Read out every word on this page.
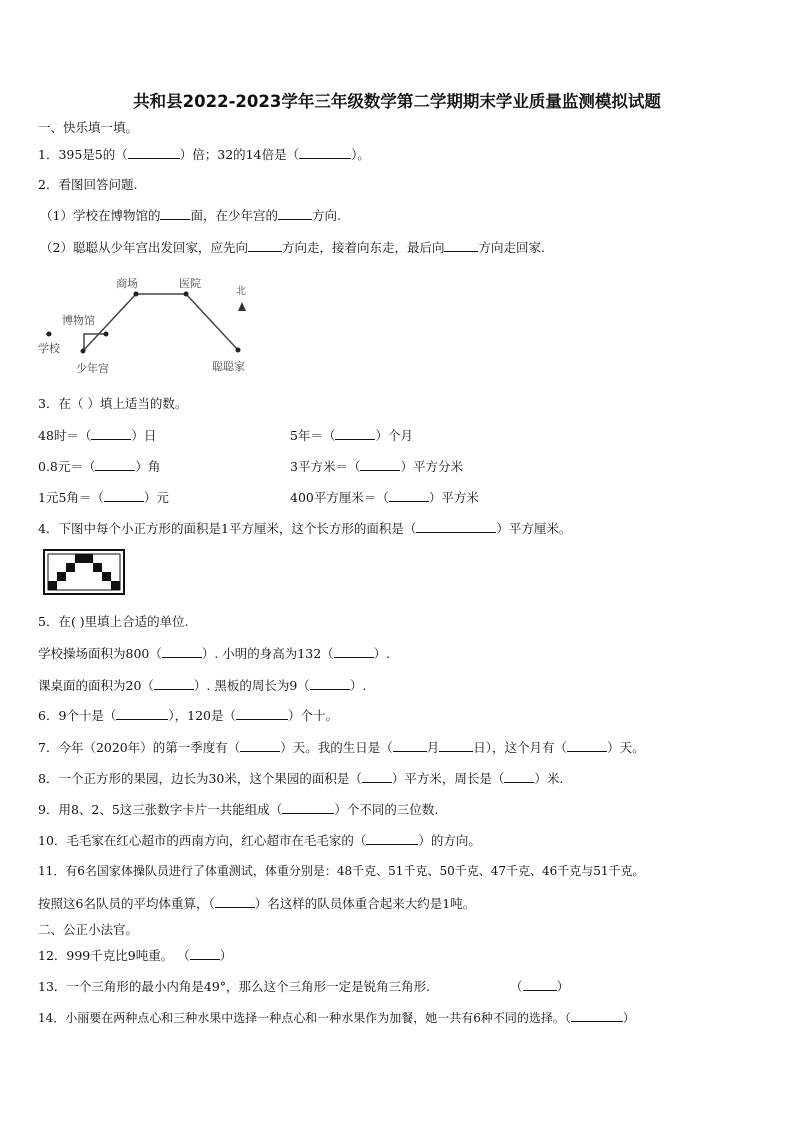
共和县2022-2023学年三年级数学第二学期期末学业质量监测模拟试题
一、快乐填一填。
1．395是5的（	）倍；32的14倍是（	）。
2．看图回答问题.
（1）学校在博物馆的 面，在少年宫的	方向.
（2）聪聪从少年宫出发回家，应先向	方向走，接着向东走，最后向	方向走回家.
商场	医院
博物馆
学校
少年宫	聪聪家
北
3．在（ ）填上适当的数。
48时＝（	）日	5年＝（	）个月
0.8元＝（	）角	3平方米＝（	）平方分米
1元5角＝（	）元	400平方厘米＝（	）平方米
4．下图中每个小正方形的面积是1平方厘米，这个长方形的面积是（	）平方厘米。
5．在( )里填上合适的单位.
学校操场面积为800（	）. 小明的身高为132（	）.
课桌面的面积为20（	）. 黑板的周长为9（	）.
6．9个十是（	），120是（	）个十。
7．今年（2020年）的第一季度有（	）天。我的生日是（	月	日），这个月有（	）天。
8．一个正方形的果园，边长为30米，这个果园的面积是（ ）平方米，周长是（ ）米.
9．用8、2、5这三张数字卡片一共能组成（	）个不同的三位数.
10．毛毛家在红心超市的西南方向，红心超市在毛毛家的（	）的方向。
11．有6名国家体操队员进行了体重测试，体重分别是：48千克、51千克、50千克、47千克、46千克与51千克。
按照这6名队员的平均体重算，（	）名这样的队员体重合起来大约是1吨。
二、公正小法官。
12．999千克比9吨重。 （ ）
13．一个三角形的最小内角是49°，那么这个三角形一定是锐角三角形.	（	）
14．小丽要在两种点心和三种水果中选择一种点心和一种水果作为加餐，她一共有6种不同的选择。（	）
